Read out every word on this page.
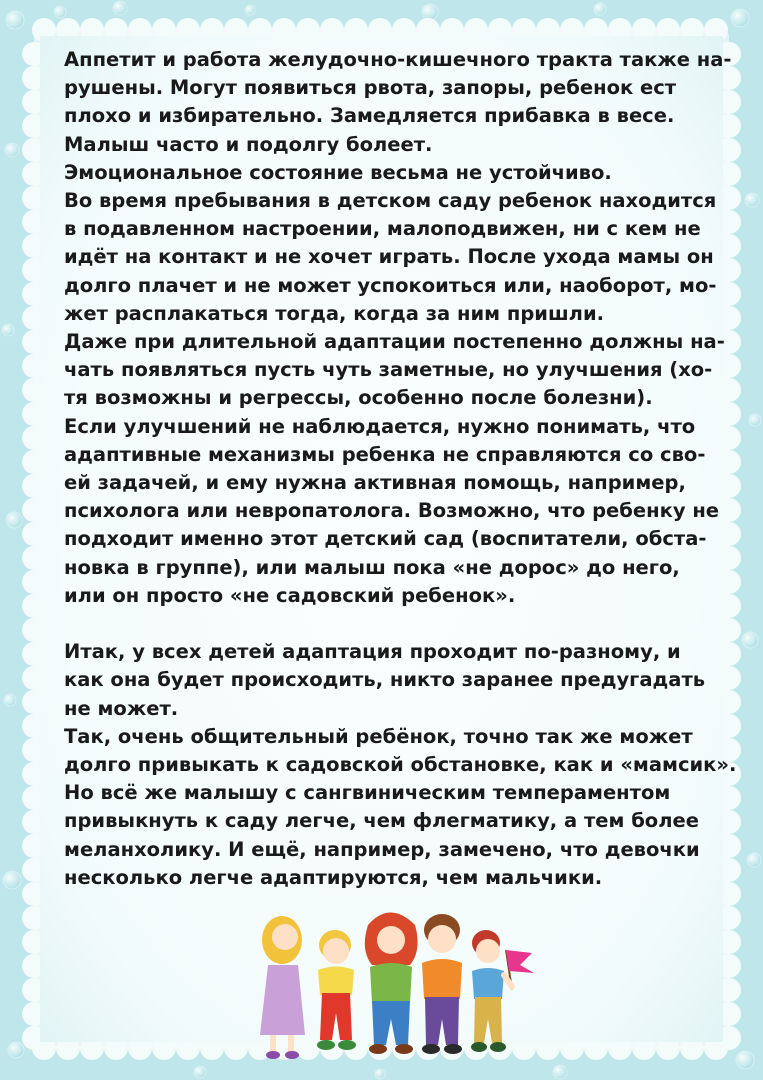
Аппетит и работа желудочно-кишечного тракта также на-
рушены. Могут появиться рвота, запоры, ребенок ест
плохо и избирательно. Замедляется прибавка в весе.
Малыш часто и подолгу болеет.
Эмоциональное состояние весьма не устойчиво.
Во время пребывания в детском саду ребенок находится
в подавленном настроении, малоподвижен, ни с кем не
идёт на контакт и не хочет играть. После ухода мамы он
долго плачет и не может успокоиться или, наоборот, мо-
жет расплакаться тогда, когда за ним пришли.
Даже при длительной адаптации постепенно должны на-
чать появляться пусть чуть заметные, но улучшения (хо-
тя возможны и регрессы, особенно после болезни).
Если улучшений не наблюдается, нужно понимать, что
адаптивные механизмы ребенка не справляются со сво-
ей задачей, и ему нужна активная помощь, например,
психолога или невропатолога. Возможно, что ребенку не
подходит именно этот детский сад (воспитатели, обста-
новка в группе), или малыш пока «не дорос» до него,
или он просто «не садовский ребенок».
Итак, у всех детей адаптация проходит по-разному, и
как она будет происходить, никто заранее предугадать
не может.
Так, очень общительный ребёнок, точно так же может
долго привыкать к садовской обстановке, как и «мамсик».
Но всё же малышу с сангвиническим темпераментом
привыкнуть к саду легче, чем флегматику, а тем более
меланхолику. И ещё, например, замечено, что девочки
несколько легче адаптируются, чем мальчики.
